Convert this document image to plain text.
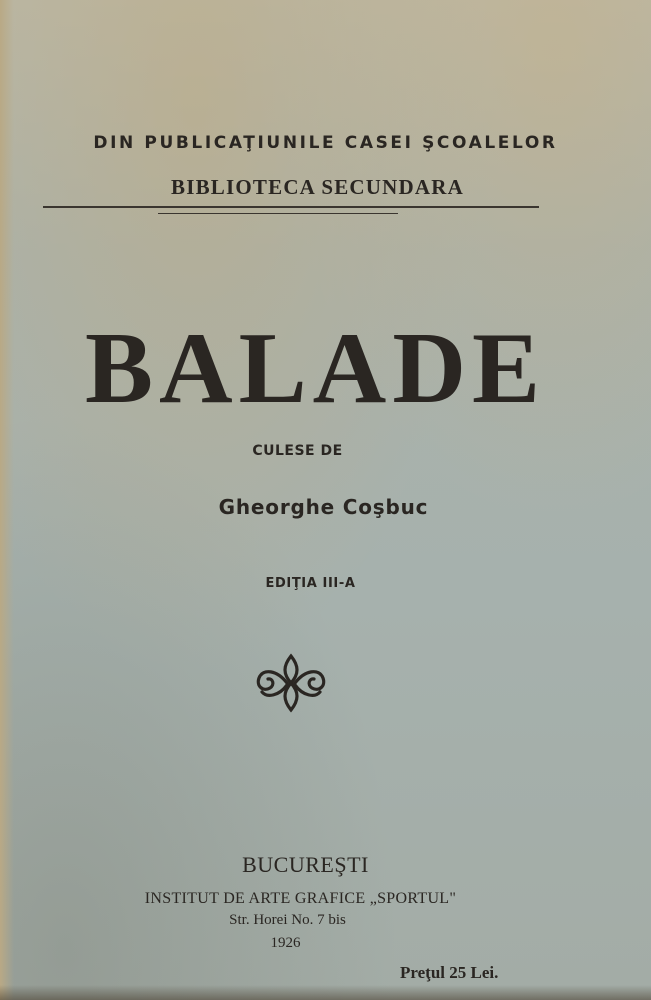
DIN PUBLICAŢIUNILE CASEI ŞCOALELOR
BIBLIOTECA SECUNDARA
BALADE
CULESE DE
Gheorghe Coşbuc
EDIŢIA III-A
BUCUREŞTI
INSTITUT DE ARTE GRAFICE „SPORTUL"
Str. Horei No. 7 bis
1926
Preţul 25 Lei.
